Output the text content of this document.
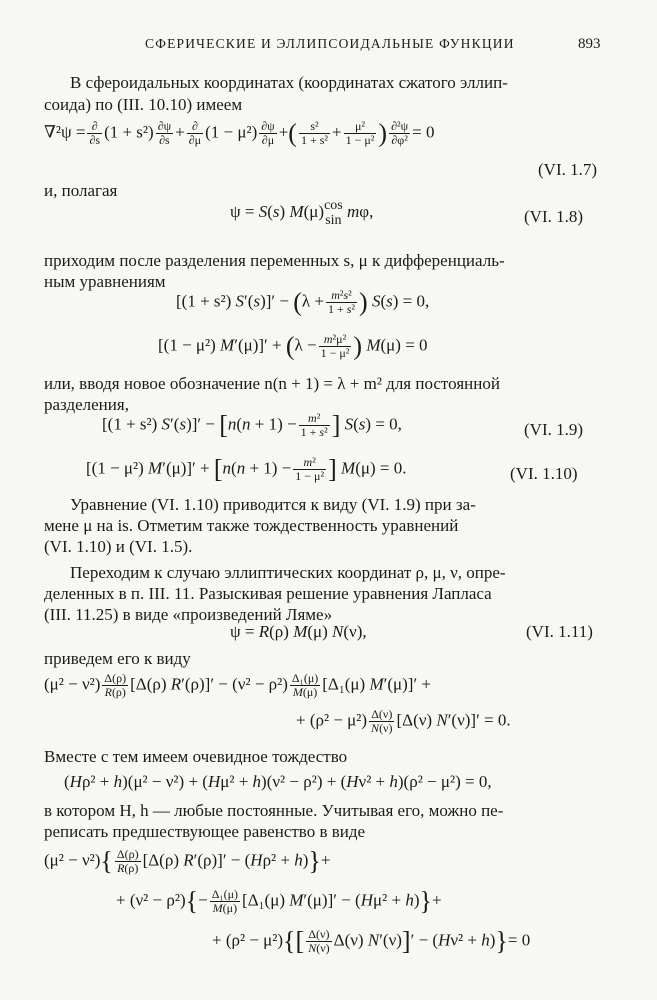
СФЕРИЧЕСКИЕ И ЭЛЛИПСОИДАЛЬНЫЕ ФУНКЦИИ	893
В сфероидальных координатах (координатах сжатого эллип-
соида) по (III. 10.10) имеем
$\nabla^2\psi = \frac{\partial}{\partial s} (1 + s^2) \frac{\partial\psi}{\partial s} + \frac{\partial}{\partial\mu} (1 - \mu^2) \frac{\partial\psi}{\partial\mu}$ +( $\frac{\text{s²}}{\text{1 + s²}} + \frac{\text{μ²}}{\text{1 − μ²}}$ ) $\frac{\text{∂²ψ}}{\text{∂φ²}} = 0$
(VI. 1.7)
и, полагая
ψ = S(s) M(μ) cos
sin mφ,	(VI. 1.8)
приходим после разделения переменных s, μ к дифференциаль-
ным уравнениям
[(1 + s²) $S'(s)]' - (\lambda + \frac{\text{m²s²}}{\text{1 + s²}}$ ) S(s) = 0,
[(1 − μ²) $M'(\mu)]' + (\lambda - \frac{\text{m²μ²}}{\text{1 − μ²}}$ ) M(μ) = 0
или, вводя новое обозначение n(n + 1) = λ + m² для постоянной
разделения,
[(1 + s²) $S'(s)]' - [n(n + 1) - \frac{\text{m²}}{\text{1 + s²}}$ ] S(s) = 0,	(VI. 1.9)
[(1 − μ²) $M'(\mu)]' + [n(n + 1) - \frac{\text{m²}}{\text{1 − μ²}}$ ] M(μ) = 0.	(VI. 1.10)
Уравнение (VI. 1.10) приводится к виду (VI. 1.9) при за-
мене μ на is. Отметим также тождественность уравнений
(VI. 1.10) и (VI. 1.5).
Переходим к случаю эллиптических координат ρ, μ, ν, опре-
деленных в п. III. 11. Разыскивая решение уравнения Лапласа
(III. 11.25) в виде «произведений Ляме»
ψ = R(ρ) M(μ) N(ν),	(VI. 1.11)
приведем его к виду
$(\mu^2 - \nu^2) \frac{\Delta(\rho)}{R(\rho)} [\Delta(\rho) R'(\rho)]' - (\nu^2 - \rho^2) \frac{\text{Δ₁(μ)}}{M(\mu)} [\Delta_1(\mu) M'(\mu)]'$ +
+ $(\rho^2 - \mu^2) \frac{\Delta(\nu)}{N(\nu)} [\Delta(\nu) N'(\nu)]' = 0$.
Вместе с тем имеем очевидное тождество
(Hρ² + h)(μ² − ν²) + (Hμ² + h)(ν² − ρ²) + (Hν² + h)(ρ² − μ²) = 0,
в котором H, h — любые постоянные. Учитывая его, можно пе-
реписать предшествующее равенство в виде
$(\mu^2 - \nu^2)\{ \frac{\Delta(\rho)}{R(\rho)} [\Delta(\rho) R'(\rho)]' - (H\rho^2 + h)\}+$
+ $(\nu^2 - \rho^2)\{- \frac{\text{Δ₁(μ)}}{M(\mu)} [\Delta_1(\mu) M'(\mu)]' - (H\mu^2 + h)\}+$
+ $(\rho^2 - \mu^2)\{[ \frac{\Delta(\nu)}{N(\nu)} \Delta(\nu) N'(\nu)]' - (H\nu^2 + h)\}= 0$
